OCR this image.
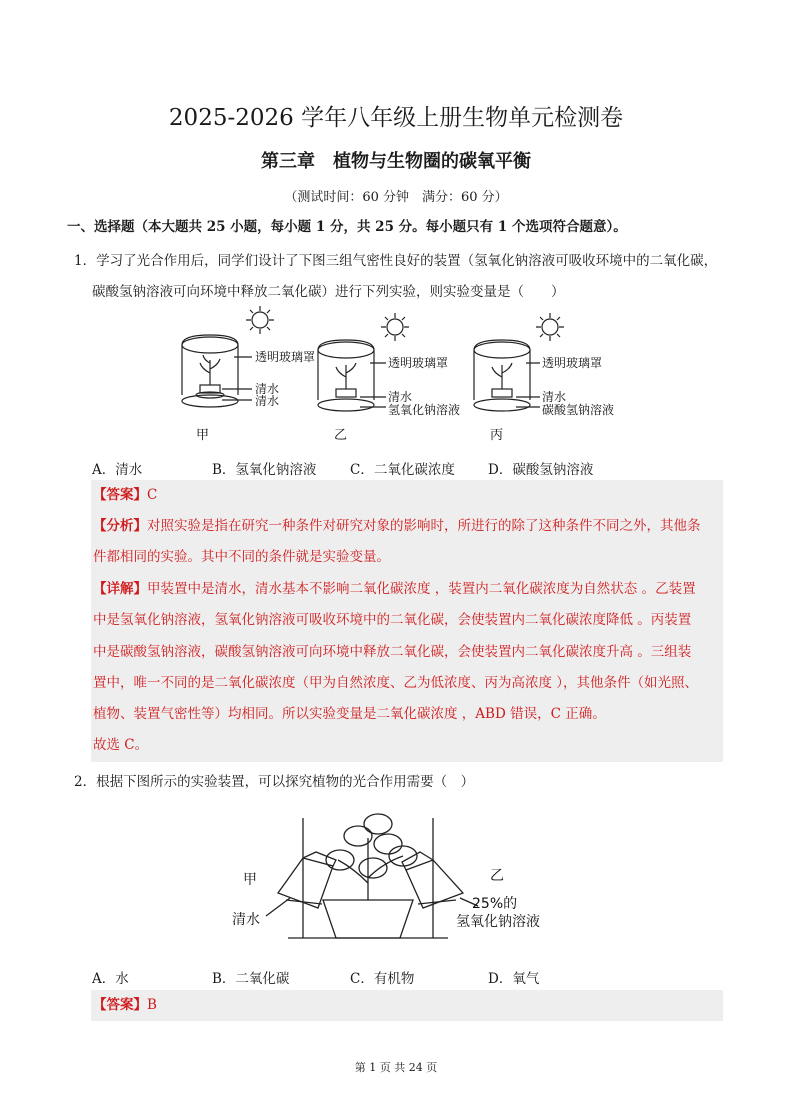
2025-2026 学年八年级上册生物单元检测卷
第三章　植物与生物圈的碳氧平衡
（测试时间：60 分钟　满分：60 分）
一、选择题（本大题共 25 小题，每小题 1 分，共 25 分。每小题只有 1 个选项符合题意）。
1．学习了光合作用后，同学们设计了下图三组气密性良好的装置（氢氧化钠溶液可吸收环境中的二氧化碳，
碳酸氢钠溶液可向环境中释放二氧化碳）进行下列实验，则实验变量是（　　）
透明玻璃罩
清水
清水
透明玻璃罩
清水
氢氧化钠溶液
透明玻璃罩
清水
碳酸氢钠溶液
甲	乙	丙
A．清水	B．氢氧化钠溶液 C．二氧化碳浓度 D．碳酸氢钠溶液
【答案】C
【分析】对照实验是指在研究一种条件对研究对象的影响时，所进行的除了这种条件不同之外，其他条
件都相同的实验。其中不同的条件就是实验变量。
【详解】甲装置中是清水，清水基本不影响二氧化碳浓度 ，装置内二氧化碳浓度为自然状态 。乙装置
中是氢氧化钠溶液，氢氧化钠溶液可吸收环境中的二氧化碳，会使装置内二氧化碳浓度降低 。丙装置
中是碳酸氢钠溶液，碳酸氢钠溶液可向环境中释放二氧化碳，会使装置内二氧化碳浓度升高 。三组装
置中，唯一不同的是二氧化碳浓度（甲为自然浓度、乙为低浓度、丙为高浓度 ），其他条件（如光照、
植物、装置气密性等）均相同。所以实验变量是二氧化碳浓度 ，ABD 错误，C 正确。
故选 C。
2．根据下图所示的实验装置，可以探究植物的光合作用需要（　）
甲	乙
清水
25%的
氢氧化钠溶液
A．水	B．二氧化碳	C．有机物	D．氧气
【答案】B
第 1 页 共 24 页
